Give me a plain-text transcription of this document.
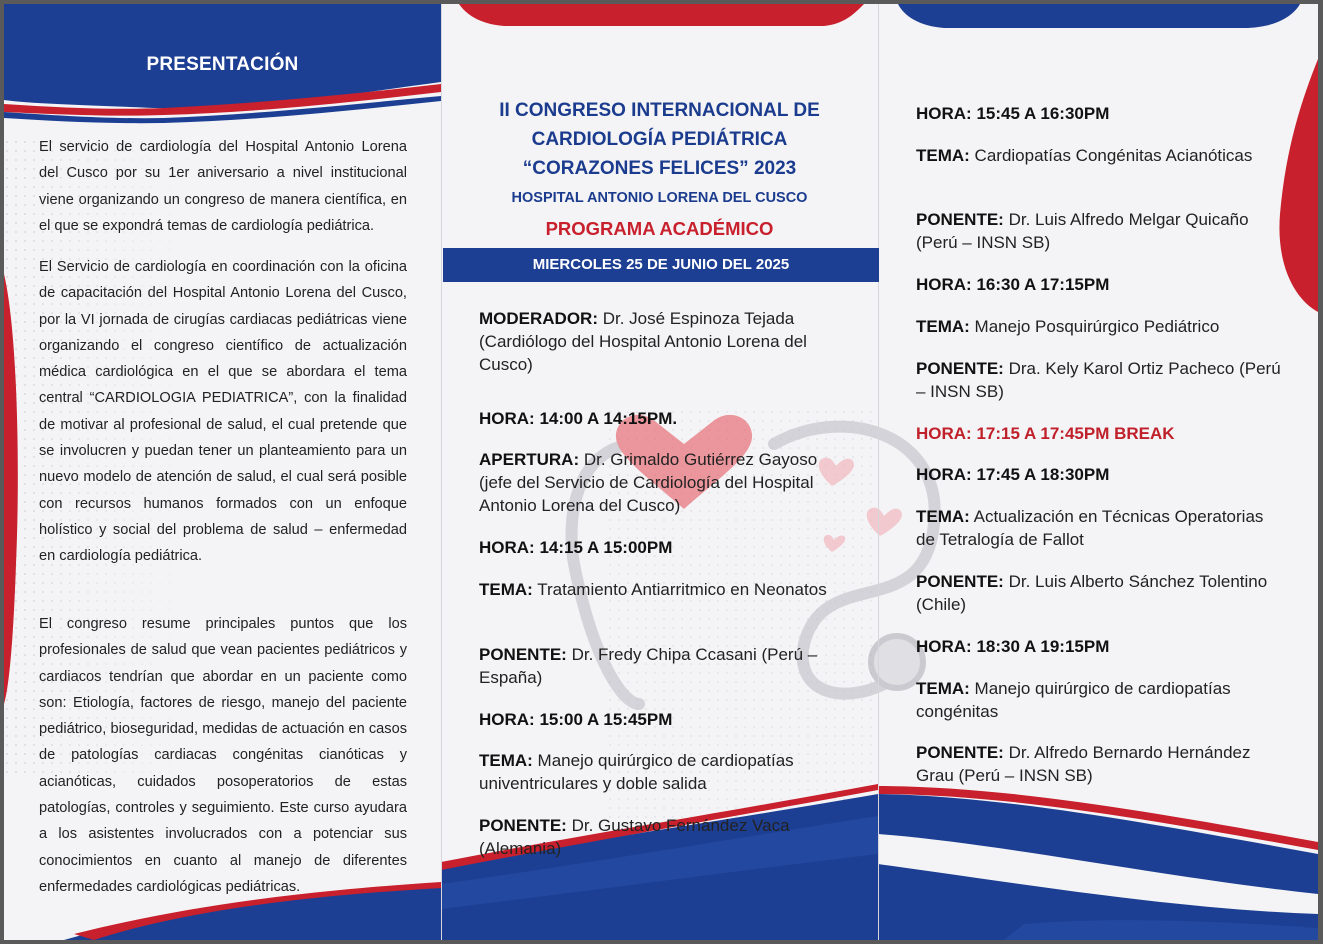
PRESENTACIÓN

El servicio de cardiología del Hospital Antonio Lorena del Cusco por su 1er aniversario a nivel institucional viene organizando un congreso de manera científica, en el que se expondrá temas de cardiología pediátrica.

El Servicio de cardiología en coordinación con la oficina de capacitación del Hospital Antonio Lorena del Cusco, por la VI jornada de cirugías cardiacas pediátricas viene organizando el congreso científico de actualización médica cardiológica en el que se abordara el tema central “CARDIOLOGIA PEDIATRICA”, con la finalidad de motivar al profesional de salud, el cual pretende que se involucren y puedan tener un planteamiento para un nuevo modelo de atención de salud, el cual será posible con recursos humanos formados con un enfoque holístico y social del problema de salud – enfermedad en cardiología pediátrica.

El congreso resume principales puntos que los profesionales de salud que vean pacientes pediátricos y cardiacos tendrían que abordar en un paciente como son: Etiología, factores de riesgo, manejo del paciente pediátrico, bioseguridad, medidas de actuación en casos de patologías cardiacas congénitas cianóticas y acianóticas, cuidados posoperatorios de estas patologías, controles y seguimiento. Este curso ayudara a los asistentes involucrados con a potenciar sus conocimientos en cuanto al manejo de diferentes enfermedades cardiológicas pediátricas.

II CONGRESO INTERNACIONAL DE
CARDIOLOGÍA PEDIÁTRICA
“CORAZONES FELICES” 2023
HOSPITAL ANTONIO LORENA DEL CUSCO
PROGRAMA ACADÉMICO
MIERCOLES 25 DE JUNIO DEL 2025

MODERADOR: Dr. José Espinoza Tejada (Cardiólogo del Hospital Antonio Lorena del Cusco)

HORA: 14:00 A 14:15PM.

APERTURA: Dr. Grimaldo Gutiérrez Gayoso (jefe del Servicio de Cardiología del Hospital Antonio Lorena del Cusco)

HORA: 14:15 A 15:00PM

TEMA: Tratamiento Antiarritmico en Neonatos

PONENTE: Dr. Fredy Chipa Ccasani (Perú – España)

HORA: 15:00 A 15:45PM

TEMA: Manejo quirúrgico de cardiopatías univentriculares y doble salida

PONENTE: Dr. Gustavo Fernández Vaca (Alemania)

HORA: 15:45 A 16:30PM

TEMA: Cardiopatías Congénitas Acianóticas

PONENTE: Dr. Luis Alfredo Melgar Quicaño (Perú – INSN SB)

HORA: 16:30 A 17:15PM

TEMA: Manejo Posquirúrgico Pediátrico

PONENTE: Dra. Kely Karol Ortiz Pacheco (Perú – INSN SB)

HORA: 17:15 A 17:45PM BREAK

HORA: 17:45 A 18:30PM

TEMA: Actualización en Técnicas Operatorias de Tetralogía de Fallot

PONENTE: Dr. Luis Alberto Sánchez Tolentino (Chile)

HORA: 18:30 A 19:15PM

TEMA: Manejo quirúrgico de cardiopatías congénitas

PONENTE: Dr. Alfredo Bernardo Hernández Grau (Perú – INSN SB)
